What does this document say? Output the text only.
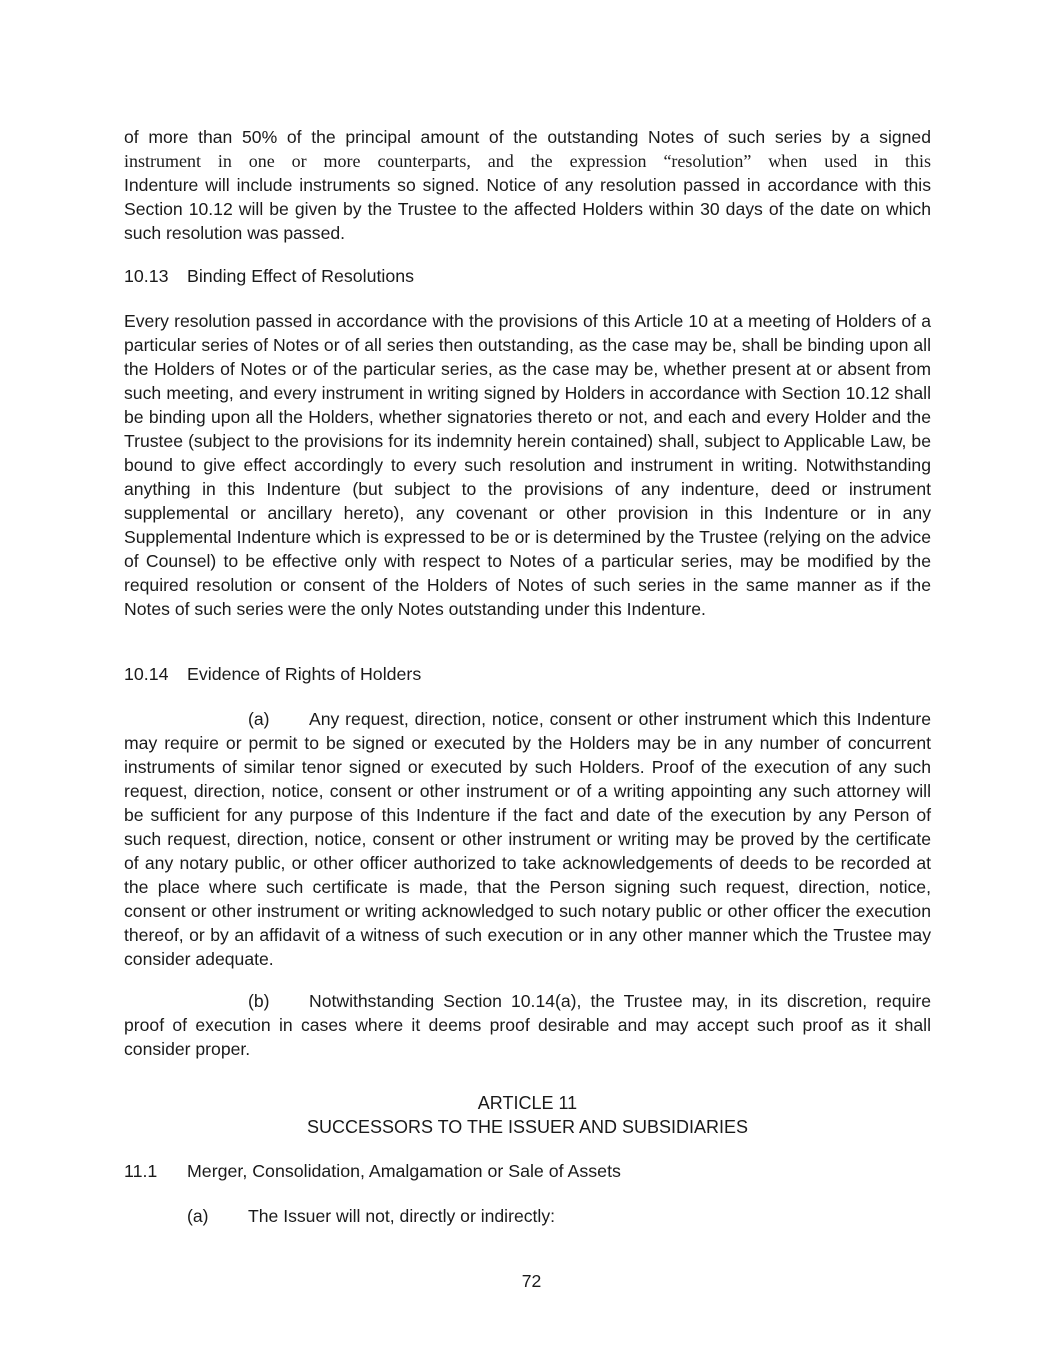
of more than 50% of the principal amount of the outstanding Notes of such series by a signed

instrument in one or more counterparts, and the expression “resolution” when used in this

Indenture will include instruments so signed. Notice of any resolution passed in accordance with this Section 10.12 will be given by the Trustee to the affected Holders within 30 days of the date on which such resolution was passed.

10.13 Binding Effect of Resolutions

Every resolution passed in accordance with the provisions of this Article 10 at a meeting of Holders of a particular series of Notes or of all series then outstanding, as the case may be, shall be binding upon all the Holders of Notes or of the particular series, as the case may be, whether present at or absent from such meeting, and every instrument in writing signed by Holders in accordance with Section 10.12 shall be binding upon all the Holders, whether signatories thereto or not, and each and every Holder and the Trustee (subject to the provisions for its indemnity herein contained) shall, subject to Applicable Law, be bound to give effect accordingly to every such resolution and instrument in writing. Notwithstanding anything in this Indenture (but subject to the provisions of any indenture, deed or instrument supplemental or ancillary hereto), any covenant or other provision in this Indenture or in any Supplemental Indenture which is expressed to be or is determined by the Trustee (relying on the advice of Counsel) to be effective only with respect to Notes of a particular series, may be modified by the required resolution or consent of the Holders of Notes of such series in the same manner as if the Notes of such series were the only Notes outstanding under this Indenture.

10.14 Evidence of Rights of Holders

(a) Any request, direction, notice, consent or other instrument which this Indenture may require or permit to be signed or executed by the Holders may be in any number of concurrent instruments of similar tenor signed or executed by such Holders. Proof of the execution of any such request, direction, notice, consent or other instrument or of a writing appointing any such attorney will be sufficient for any purpose of this Indenture if the fact and date of the execution by any Person of such request, direction, notice, consent or other instrument or writing may be proved by the certificate of any notary public, or other officer authorized to take acknowledgements of deeds to be recorded at the place where such certificate is made, that the Person signing such request, direction, notice, consent or other instrument or writing acknowledged to such notary public or other officer the execution thereof, or by an affidavit of a witness of such execution or in any other manner which the Trustee may consider adequate.

(b) Notwithstanding Section 10.14(a), the Trustee may, in its discretion, require proof of execution in cases where it deems proof desirable and may accept such proof as it shall consider proper.

ARTICLE 11
SUCCESSORS TO THE ISSUER AND SUBSIDIARIES
11.1 Merger, Consolidation, Amalgamation or Sale of Assets
(a) The Issuer will not, directly or indirectly:
72
